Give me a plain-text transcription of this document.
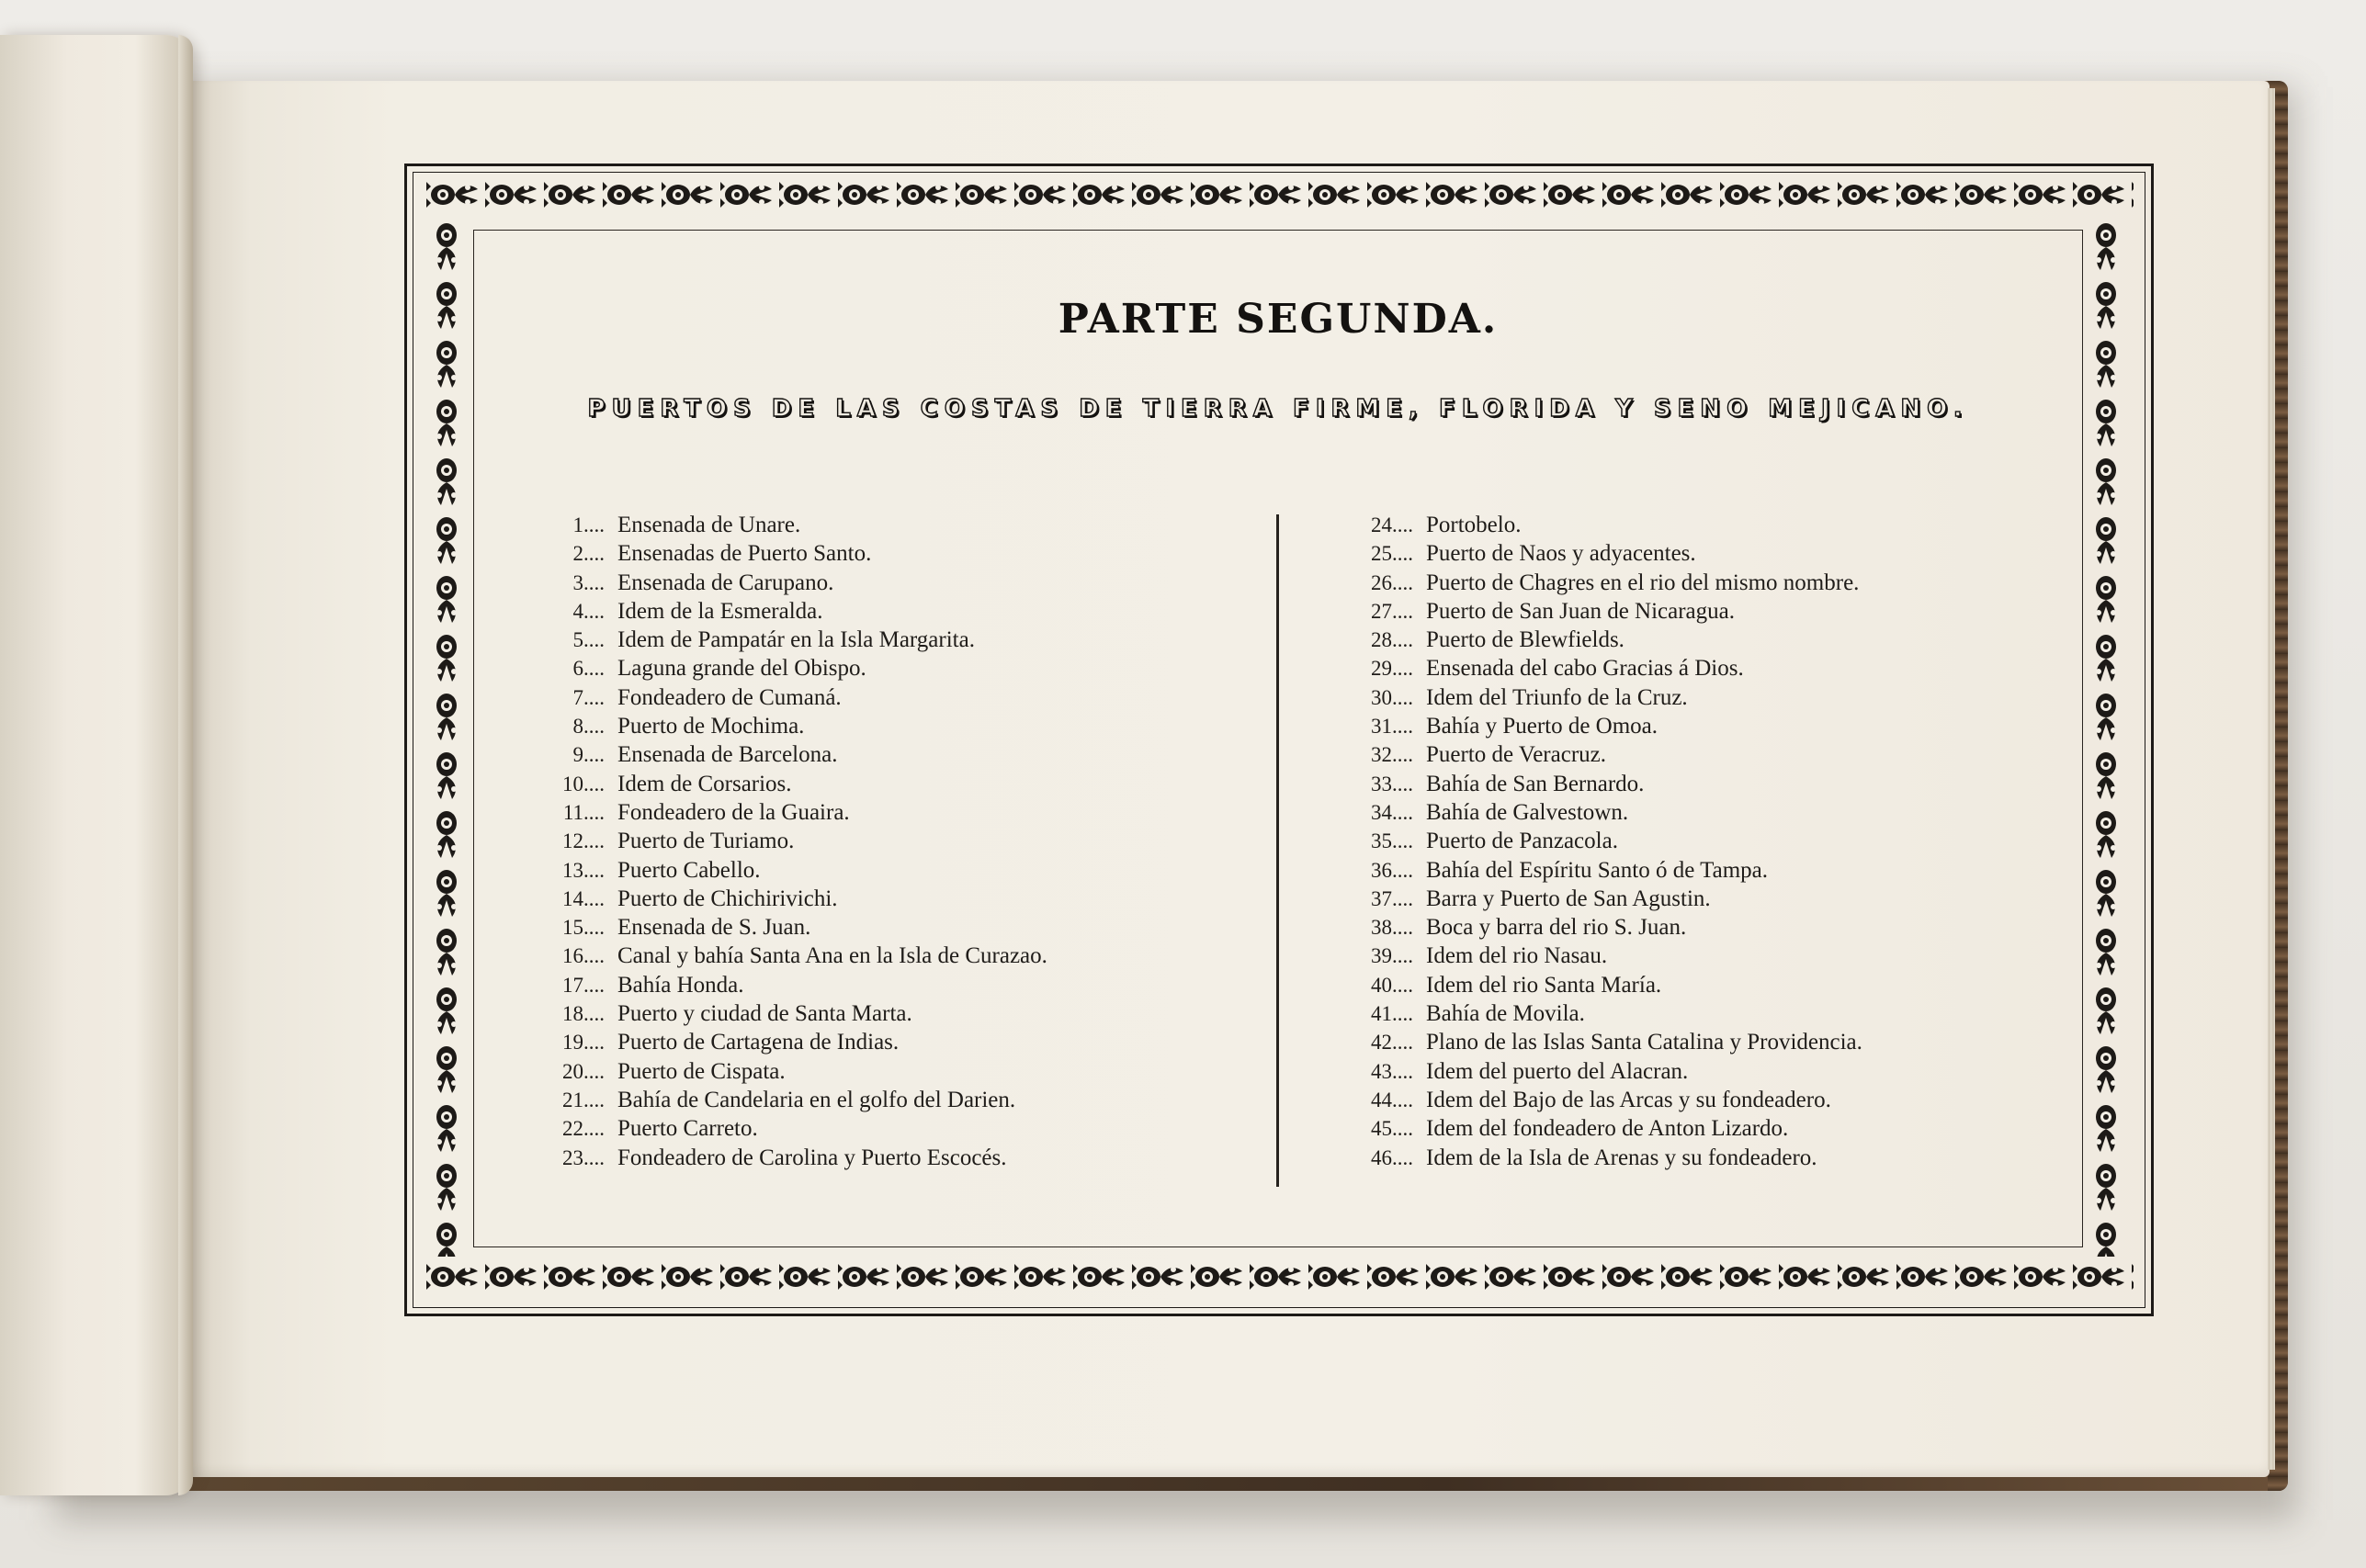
PARTE SEGUNDA.
PUERTOS DE LAS COSTAS DE TIERRA FIRME, FLORIDA Y SENO MEJICANO.
1.... Ensenada de Unare.
2.... Ensenadas de Puerto Santo.
3.... Ensenada de Carupano.
4.... Idem de la Esmeralda.
5.... Idem de Pampatár en la Isla Margarita.
6.... Laguna grande del Obispo.
7.... Fondeadero de Cumaná.
8.... Puerto de Mochima.
9.... Ensenada de Barcelona.
10.... Idem de Corsarios.
11.... Fondeadero de la Guaira.
12.... Puerto de Turiamo.
13.... Puerto Cabello.
14.... Puerto de Chichirivichi.
15.... Ensenada de S. Juan.
16.... Canal y bahía Santa Ana en la Isla de Curazao.
17.... Bahía Honda.
18.... Puerto y ciudad de Santa Marta.
19.... Puerto de Cartagena de Indias.
20.... Puerto de Cispata.
21.... Bahía de Candelaria en el golfo del Darien.
22.... Puerto Carreto.
23.... Fondeadero de Carolina y Puerto Escocés.
24.... Portobelo.
25.... Puerto de Naos y adyacentes.
26.... Puerto de Chagres en el rio del mismo nombre.
27.... Puerto de San Juan de Nicaragua.
28.... Puerto de Blewfields.
29.... Ensenada del cabo Gracias á Dios.
30.... Idem del Triunfo de la Cruz.
31.... Bahía y Puerto de Omoa.
32.... Puerto de Veracruz.
33.... Bahía de San Bernardo.
34.... Bahía de Galvestown.
35.... Puerto de Panzacola.
36.... Bahía del Espíritu Santo ó de Tampa.
37.... Barra y Puerto de San Agustin.
38.... Boca y barra del rio S. Juan.
39.... Idem del rio Nasau.
40.... Idem del rio Santa María.
41.... Bahía de Movila.
42.... Plano de las Islas Santa Catalina y Providencia.
43.... Idem del puerto del Alacran.
44.... Idem del Bajo de las Arcas y su fondeadero.
45.... Idem del fondeadero de Anton Lizardo.
46.... Idem de la Isla de Arenas y su fondeadero.
